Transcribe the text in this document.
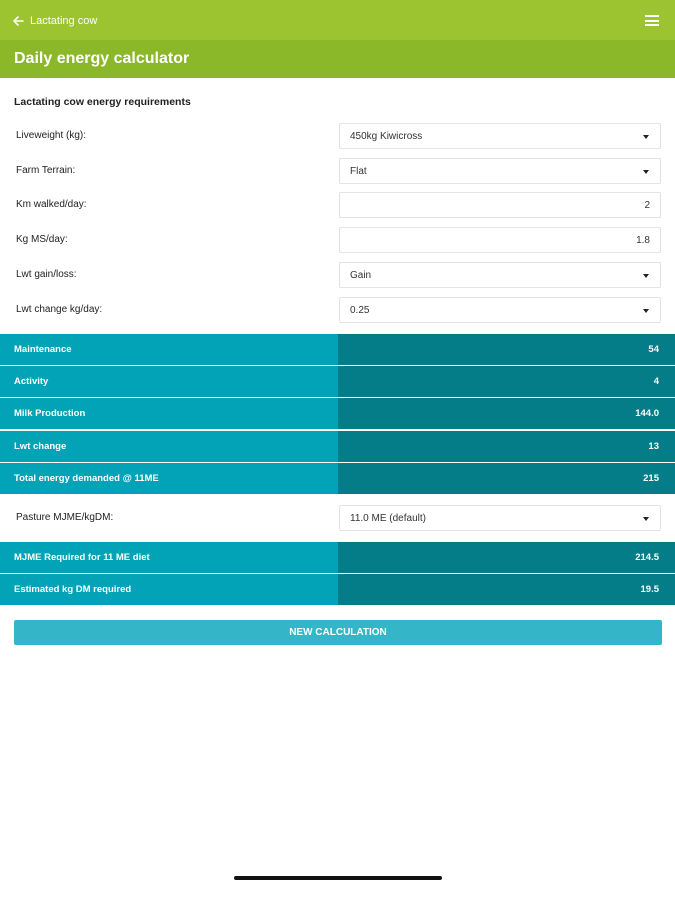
Lactating cow
Daily energy calculator
Lactating cow energy requirements
Liveweight (kg):	450kg Kiwicross
Farm Terrain:	Flat
Km walked/day:	2
Kg MS/day:	1.8
Lwt gain/loss:	Gain
Lwt change kg/day:	0.25
Maintenance	54
Activity	4
Milk Production	144.0
Lwt change	13
Total energy demanded @ 11ME	215
Pasture MJME/kgDM:	11.0 ME (default)
MJME Required for 11 ME diet	214.5
Estimated kg DM required	19.5
NEW CALCULATION
